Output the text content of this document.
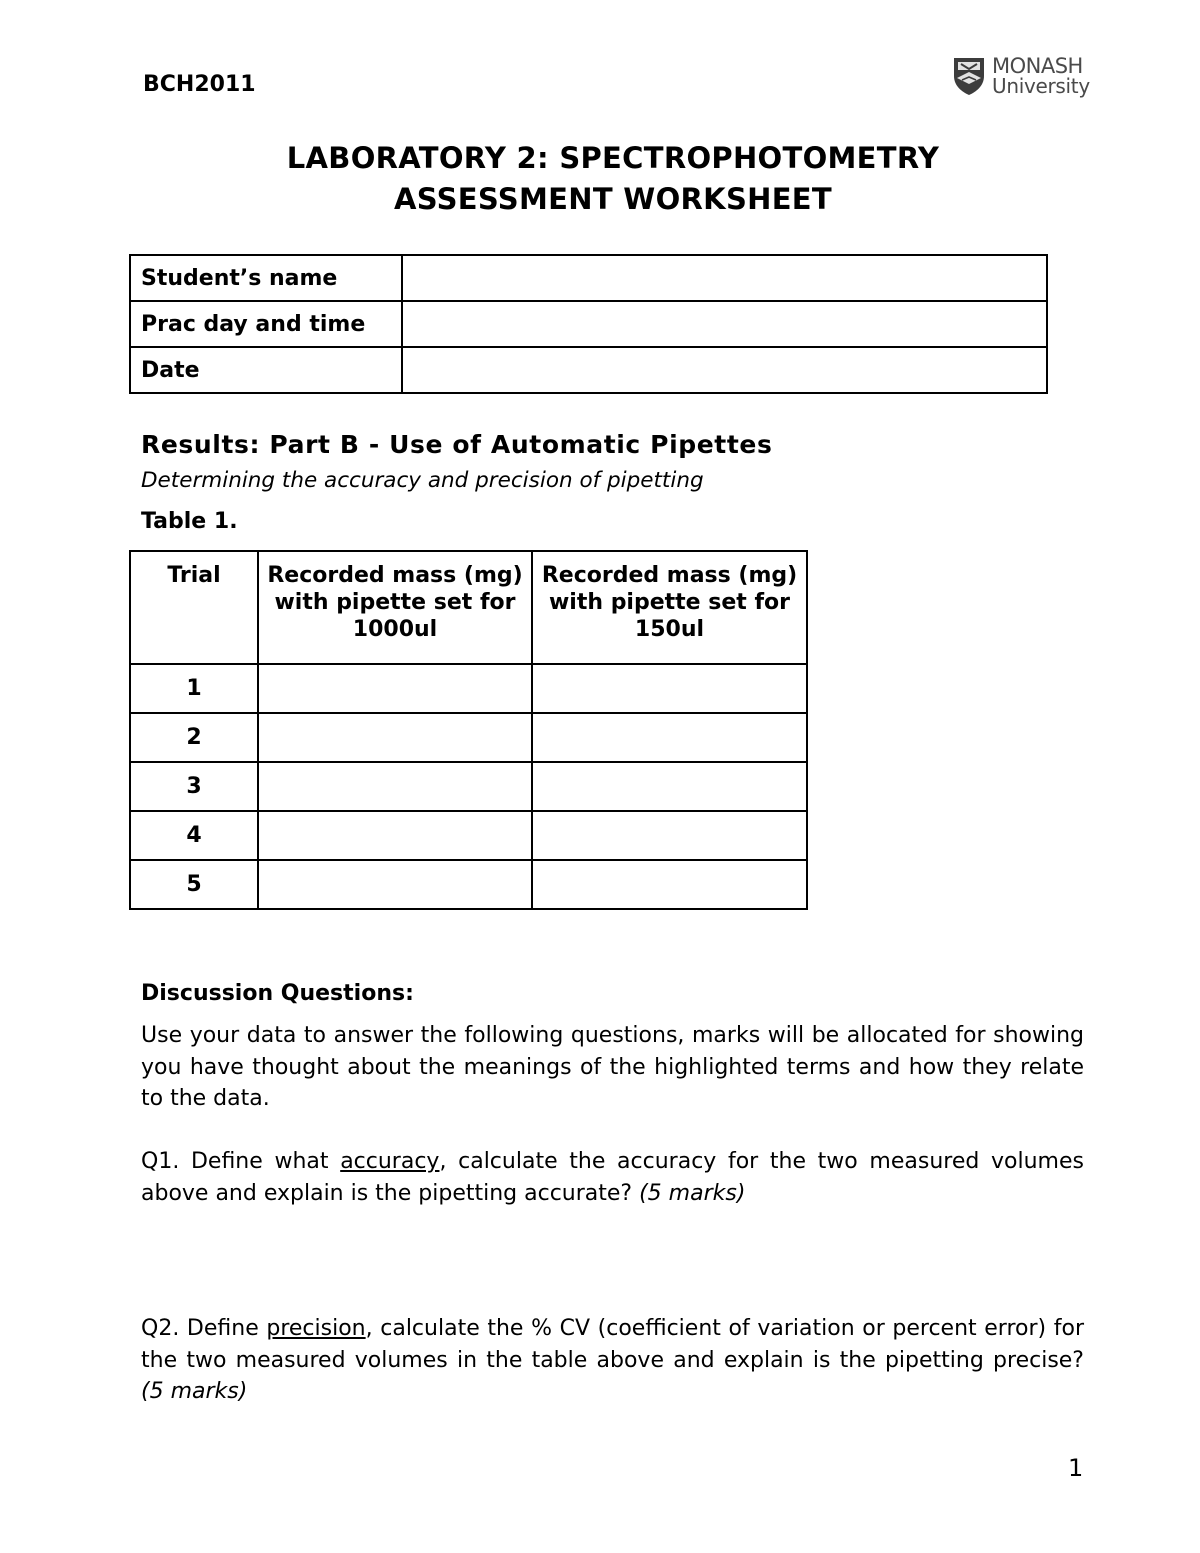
BCH2011
MONASH
University
LABORATORY 2: SPECTROPHOTOMETRY
ASSESSMENT WORKSHEET
Student’s name	
Prac day and time	
Date	
Results: Part B - Use of Automatic Pipettes
Determining the accuracy and precision of pipetting
Table 1.
Trial	Recorded mass (mg) with pipette set for 1000ul	Recorded mass (mg) with pipette set for 150ul
1		
2		
3		
4		
5		
Discussion Questions:
Use your data to answer the following questions, marks will be allocated for showing you have thought about the meanings of the highlighted terms and how they relate to the data.
Q1. Define what accuracy, calculate the accuracy for the two measured volumes above and explain is the pipetting accurate? (5 marks)
Q2. Define precision, calculate the % CV (coefficient of variation or percent error) for the two measured volumes in the table above and explain is the pipetting precise? (5 marks)
1
